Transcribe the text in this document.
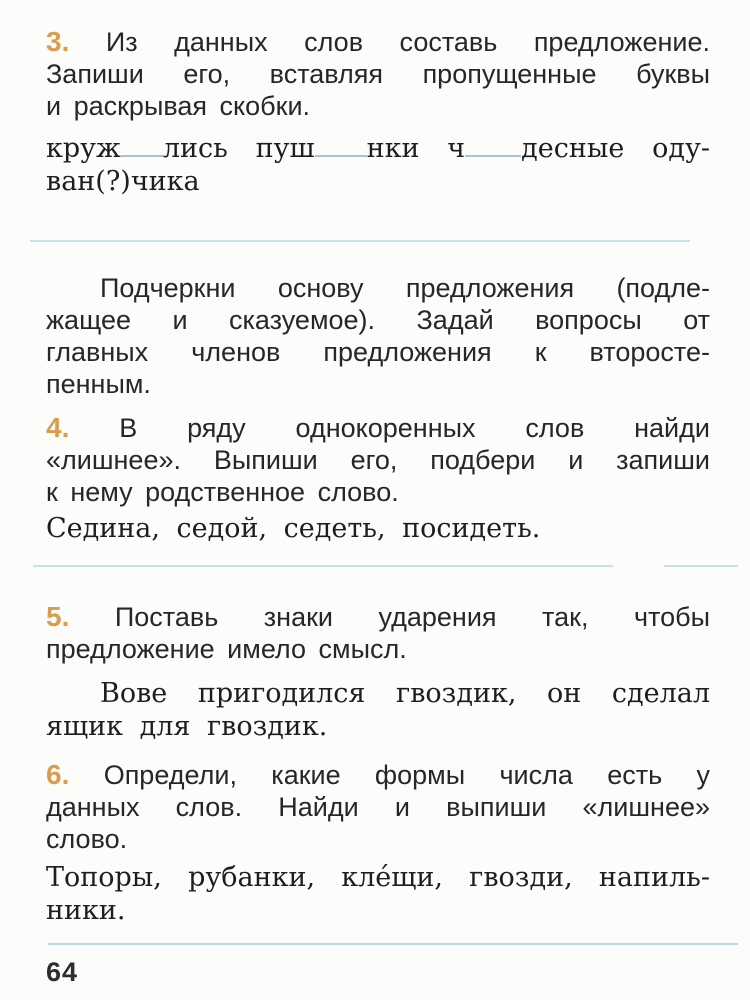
3. Из данных слов составь предложение.
Запиши его, вставляя пропущенные буквы
и раскрывая скобки.
круж лись пуш нки ч десные оду-
ван(?)чика
Подчеркни основу предложения (подле-
жащее и сказуемое). Задай вопросы от
главных членов предложения к второсте-
пенным.
4. В ряду однокоренных слов найди
«лишнее». Выпиши его, подбери и запиши
к нему родственное слово.
Седина, седой, седеть, посидеть.
5. Поставь знаки ударения так, чтобы
предложение имело смысл.
Вове пригодился гвоздик, он сделал
ящик для гвоздик.
6. Определи, какие формы числа есть у
данных слов. Найди и выпиши «лишнее»
слово.
Топоры, рубанки, кле́щи, гвозди, напиль-
ники.
64
